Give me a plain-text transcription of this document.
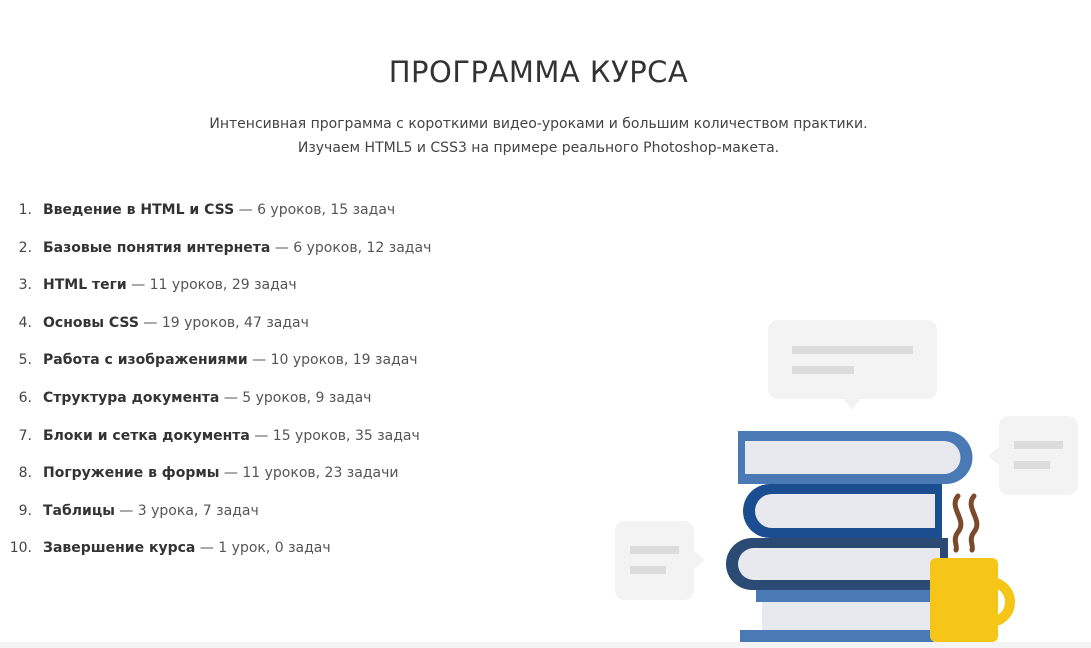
ПРОГРАММА КУРСА
Интенсивная программа с короткими видео-уроками и большим количеством практики.
Изучаем HTML5 и CSS3 на примере реального Photoshop-макета.
1. Введение в HTML и CSS — 6 уроков, 15 задач
2. Базовые понятия интернета — 6 уроков, 12 задач
3. HTML теги — 11 уроков, 29 задач
4. Основы CSS — 19 уроков, 47 задач
5. Работа с изображениями — 10 уроков, 19 задач
6. Структура документа — 5 уроков, 9 задач
7. Блоки и сетка документа — 15 уроков, 35 задач
8. Погружение в формы — 11 уроков, 23 задачи
9. Таблицы — 3 урока, 7 задач
10. Завершение курса — 1 урок, 0 задач
